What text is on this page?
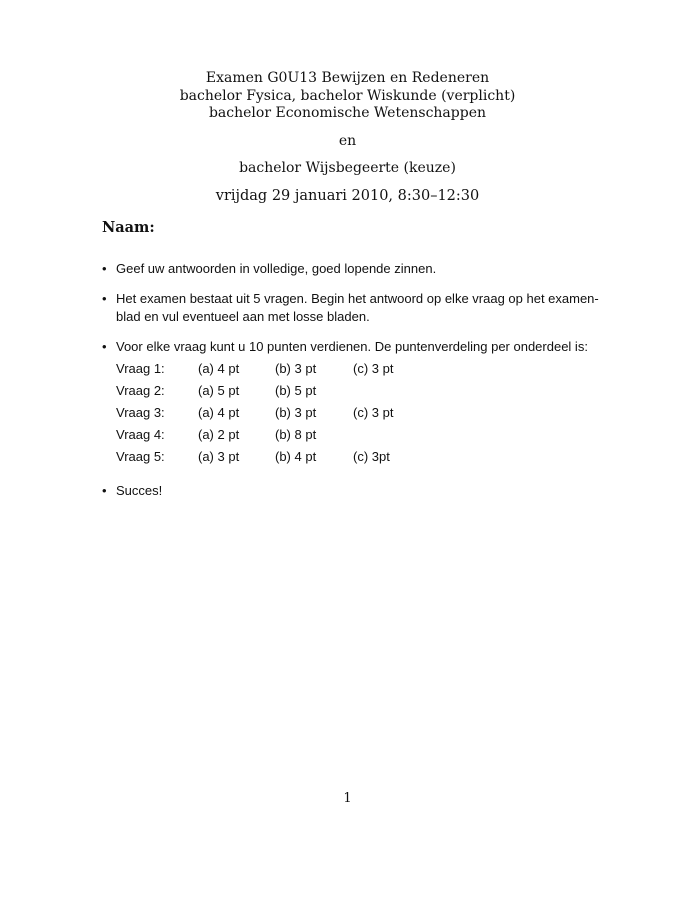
Examen G0U13 Bewijzen en Redeneren
bachelor Fysica, bachelor Wiskunde (verplicht)
bachelor Economische Wetenschappen
en
bachelor Wijsbegeerte (keuze)
vrijdag 29 januari 2010, 8:30–12:30
Naam:
• Geef uw antwoorden in volledige, goed lopende zinnen.
• Het examen bestaat uit 5 vragen. Begin het antwoord op elke vraag op het examen-
blad en vul eventueel aan met losse bladen.
• Voor elke vraag kunt u 10 punten verdienen. De puntenverdeling per onderdeel is:
Vraag 1:	(a) 4 pt	(b) 3 pt	(c) 3 pt
Vraag 2:	(a) 5 pt	(b) 5 pt	
Vraag 3:	(a) 4 pt	(b) 3 pt	(c) 3 pt
Vraag 4:	(a) 2 pt	(b) 8 pt	
Vraag 5:	(a) 3 pt	(b) 4 pt	(c) 3pt
• Succes!
1
